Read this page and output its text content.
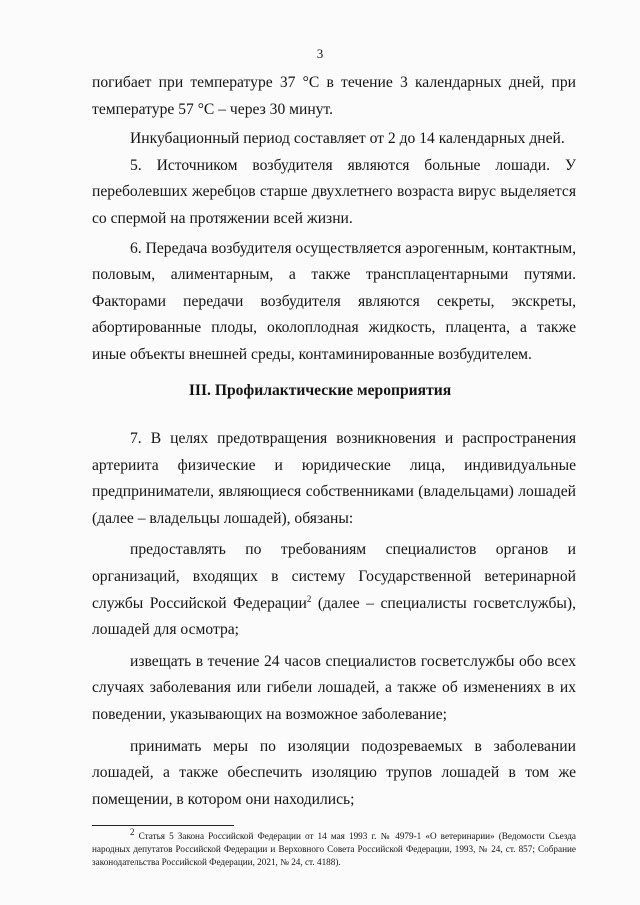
3

погибает при температуре 37 °С в течение 3 календарных дней, при температуре 57 °С – через 30 минут.

Инкубационный период составляет от 2 до 14 календарных дней.

5. Источником возбудителя являются больные лошади. У переболевших жеребцов старше двухлетнего возраста вирус выделяется со спермой на протяжении всей жизни.

6. Передача возбудителя осуществляется аэрогенным, контактным, половым, алиментарным, а также трансплацентарными путями. Факторами передачи возбудителя являются секреты, экскреты, абортированные плоды, околоплодная жидкость, плацента, а также иные объекты внешней среды, контаминированные возбудителем.

III. Профилактические мероприятия

7. В целях предотвращения возникновения и распространения артериита физические и юридические лица, индивидуальные предприниматели, являющиеся собственниками (владельцами) лошадей (далее – владельцы лошадей), обязаны:

предоставлять по требованиям специалистов органов и организаций, входящих в систему Государственной ветеринарной службы Российской Федерации$^2$ (далее – специалисты госветслужбы), лошадей для осмотра;

извещать в течение 24 часов специалистов госветслужбы обо всех случаях заболевания или гибели лошадей, а также об изменениях в их поведении, указывающих на возможное заболевание;

принимать меры по изоляции подозреваемых в заболевании лошадей, а также обеспечить изоляцию трупов лошадей в том же помещении, в котором они находились;

$^2$ Статья 5 Закона Российской Федерации от 14 мая 1993 г. № 4979-1 «О ветеринарии» (Ведомости Съезда народных депутатов Российской Федерации и Верховного Совета Российской Федерации, 1993, № 24, ст. 857; Собрание законодательства Российской Федерации, 2021, № 24, ст. 4188).
